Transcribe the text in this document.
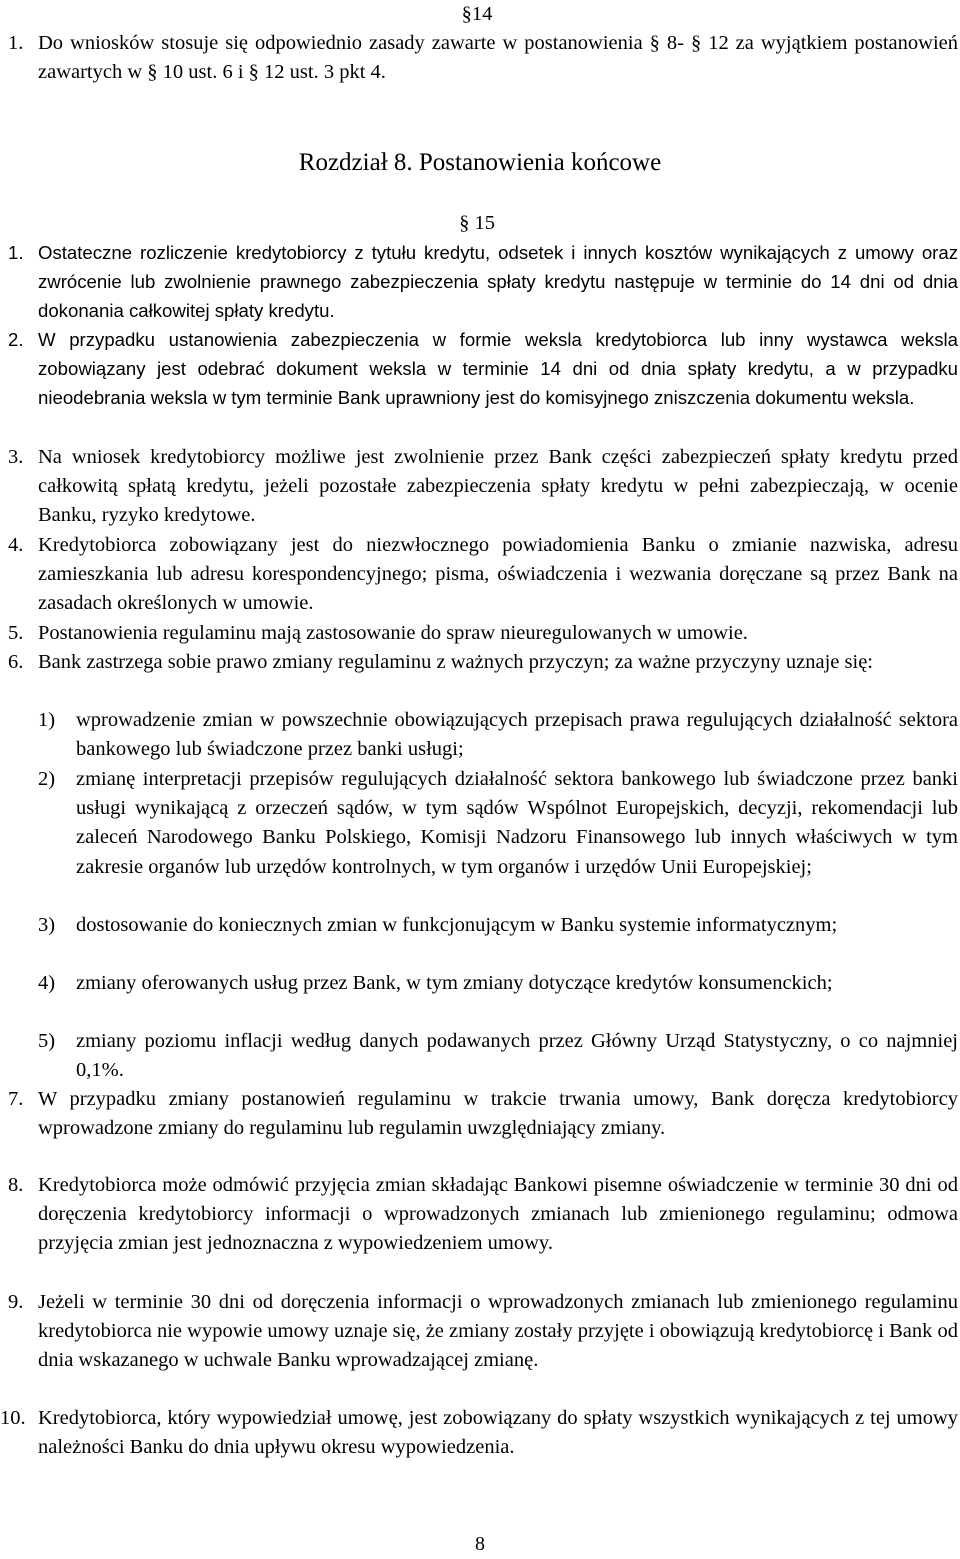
§14
1. Do wniosków stosuje się odpowiednio zasady zawarte w postanowienia § 8- § 12 za wyjątkiem postanowień zawartych w § 10 ust. 6 i § 12 ust. 3 pkt 4.
Rozdział 8. Postanowienia końcowe
§ 15
1. Ostateczne rozliczenie kredytobiorcy z tytułu kredytu, odsetek i innych kosztów wynikających z umowy oraz zwrócenie lub zwolnienie prawnego zabezpieczenia spłaty kredytu następuje w terminie do 14 dni od dnia dokonania całkowitej spłaty kredytu.
2. W przypadku ustanowienia zabezpieczenia w formie weksla kredytobiorca lub inny wystawca weksla zobowiązany jest odebrać dokument weksla w terminie 14 dni od dnia spłaty kredytu, a w przypadku nieodebrania weksla w tym terminie Bank uprawniony jest do komisyjnego zniszczenia dokumentu weksla.
3. Na wniosek kredytobiorcy możliwe jest zwolnienie przez Bank części zabezpieczeń spłaty kredytu przed całkowitą spłatą kredytu, jeżeli pozostałe zabezpieczenia spłaty kredytu w pełni zabezpieczają, w ocenie Banku, ryzyko kredytowe.
4. Kredytobiorca zobowiązany jest do niezwłocznego powiadomienia Banku o zmianie nazwiska, adresu zamieszkania lub adresu korespondencyjnego; pisma, oświadczenia i wezwania doręczane są przez Bank na zasadach określonych w umowie.
5. Postanowienia regulaminu mają zastosowanie do spraw nieuregulowanych w umowie.
6. Bank zastrzega sobie prawo zmiany regulaminu z ważnych przyczyn; za ważne przyczyny uznaje się:
1) wprowadzenie zmian w powszechnie obowiązujących przepisach prawa regulujących działalność sektora bankowego lub świadczone przez banki usługi;
2) zmianę interpretacji przepisów regulujących działalność sektora bankowego lub świadczone przez banki usługi wynikającą z orzeczeń sądów, w tym sądów Wspólnot Europejskich, decyzji, rekomendacji lub zaleceń Narodowego Banku Polskiego, Komisji Nadzoru Finansowego lub innych właściwych w tym zakresie organów lub urzędów kontrolnych, w tym organów i urzędów Unii Europejskiej;
3) dostosowanie do koniecznych zmian w funkcjonującym w Banku systemie informatycznym;
4) zmiany oferowanych usług przez Bank, w tym zmiany dotyczące kredytów konsumenckich;
5) zmiany poziomu inflacji według danych podawanych przez Główny Urząd Statystyczny, o co najmniej 0,1%.
7. W przypadku zmiany postanowień regulaminu w trakcie trwania umowy, Bank doręcza kredytobiorcy wprowadzone zmiany do regulaminu lub regulamin uwzględniający zmiany.
8. Kredytobiorca może odmówić przyjęcia zmian składając Bankowi pisemne oświadczenie w terminie 30 dni od doręczenia kredytobiorcy informacji o wprowadzonych zmianach lub zmienionego regulaminu; odmowa przyjęcia zmian jest jednoznaczna z wypowiedzeniem umowy.
9. Jeżeli w terminie 30 dni od doręczenia informacji o wprowadzonych zmianach lub zmienionego regulaminu kredytobiorca nie wypowie umowy uznaje się, że zmiany zostały przyjęte i obowiązują kredytobiorcę i Bank od dnia wskazanego w uchwale Banku wprowadzającej zmianę.
10. Kredytobiorca, który wypowiedział umowę, jest zobowiązany do spłaty wszystkich wynikających z tej umowy należności Banku do dnia upływu okresu wypowiedzenia.
8
